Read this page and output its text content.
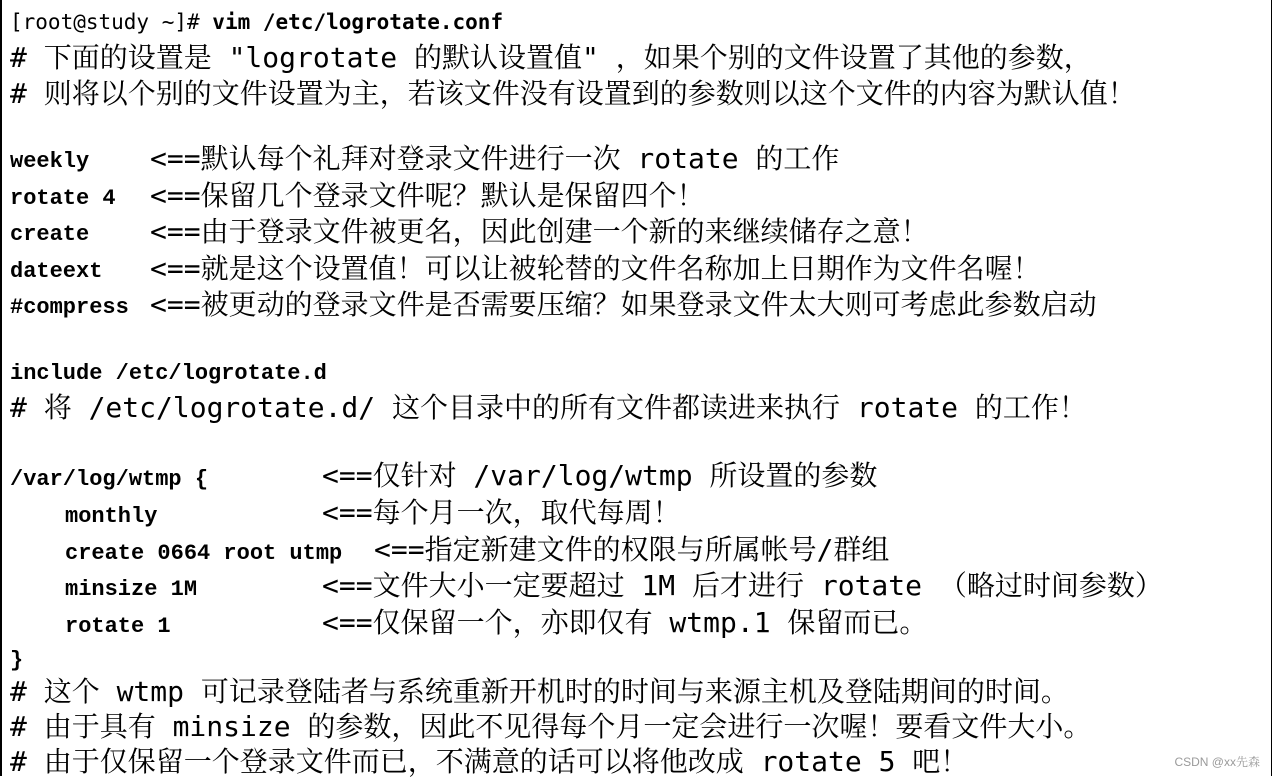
[root@study ~]# vim /etc/logrotate.conf
# 下面的设置是 "logrotate 的默认设置值" ，如果个别的文件设置了其他的参数，
# 则将以个别的文件设置为主，若该文件没有设置到的参数则以这个文件的内容为默认值！
weekly <==默认每个礼拜对登录文件进行一次 rotate 的工作
rotate 4 <==保留几个登录文件呢？默认是保留四个！
create <==由于登录文件被更名，因此创建一个新的来继续储存之意！
dateext <==就是这个设置值！可以让被轮替的文件名称加上日期作为文件名喔！
#compress <==被更动的登录文件是否需要压缩？如果登录文件太大则可考虑此参数启动
include /etc/logrotate.d
# 将 /etc/logrotate.d/ 这个目录中的所有文件都读进来执行 rotate 的工作！
/var/log/wtmp {	<==仅针对 /var/log/wtmp 所设置的参数
monthly	<==每个月一次，取代每周！
create 0664 root utmp <==指定新建文件的权限与所属帐号/群组
minsize 1M	<==文件大小一定要超过 1M 后才进行 rotate （略过时间参数）
rotate 1	<==仅保留一个，亦即仅有 wtmp.1 保留而已。
}
# 这个 wtmp 可记录登陆者与系统重新开机时的时间与来源主机及登陆期间的时间。
# 由于具有 minsize 的参数，因此不见得每个月一定会进行一次喔！要看文件大小。
# 由于仅保留一个登录文件而已，不满意的话可以将他改成 rotate 5 吧！	CSDN @xx先森
